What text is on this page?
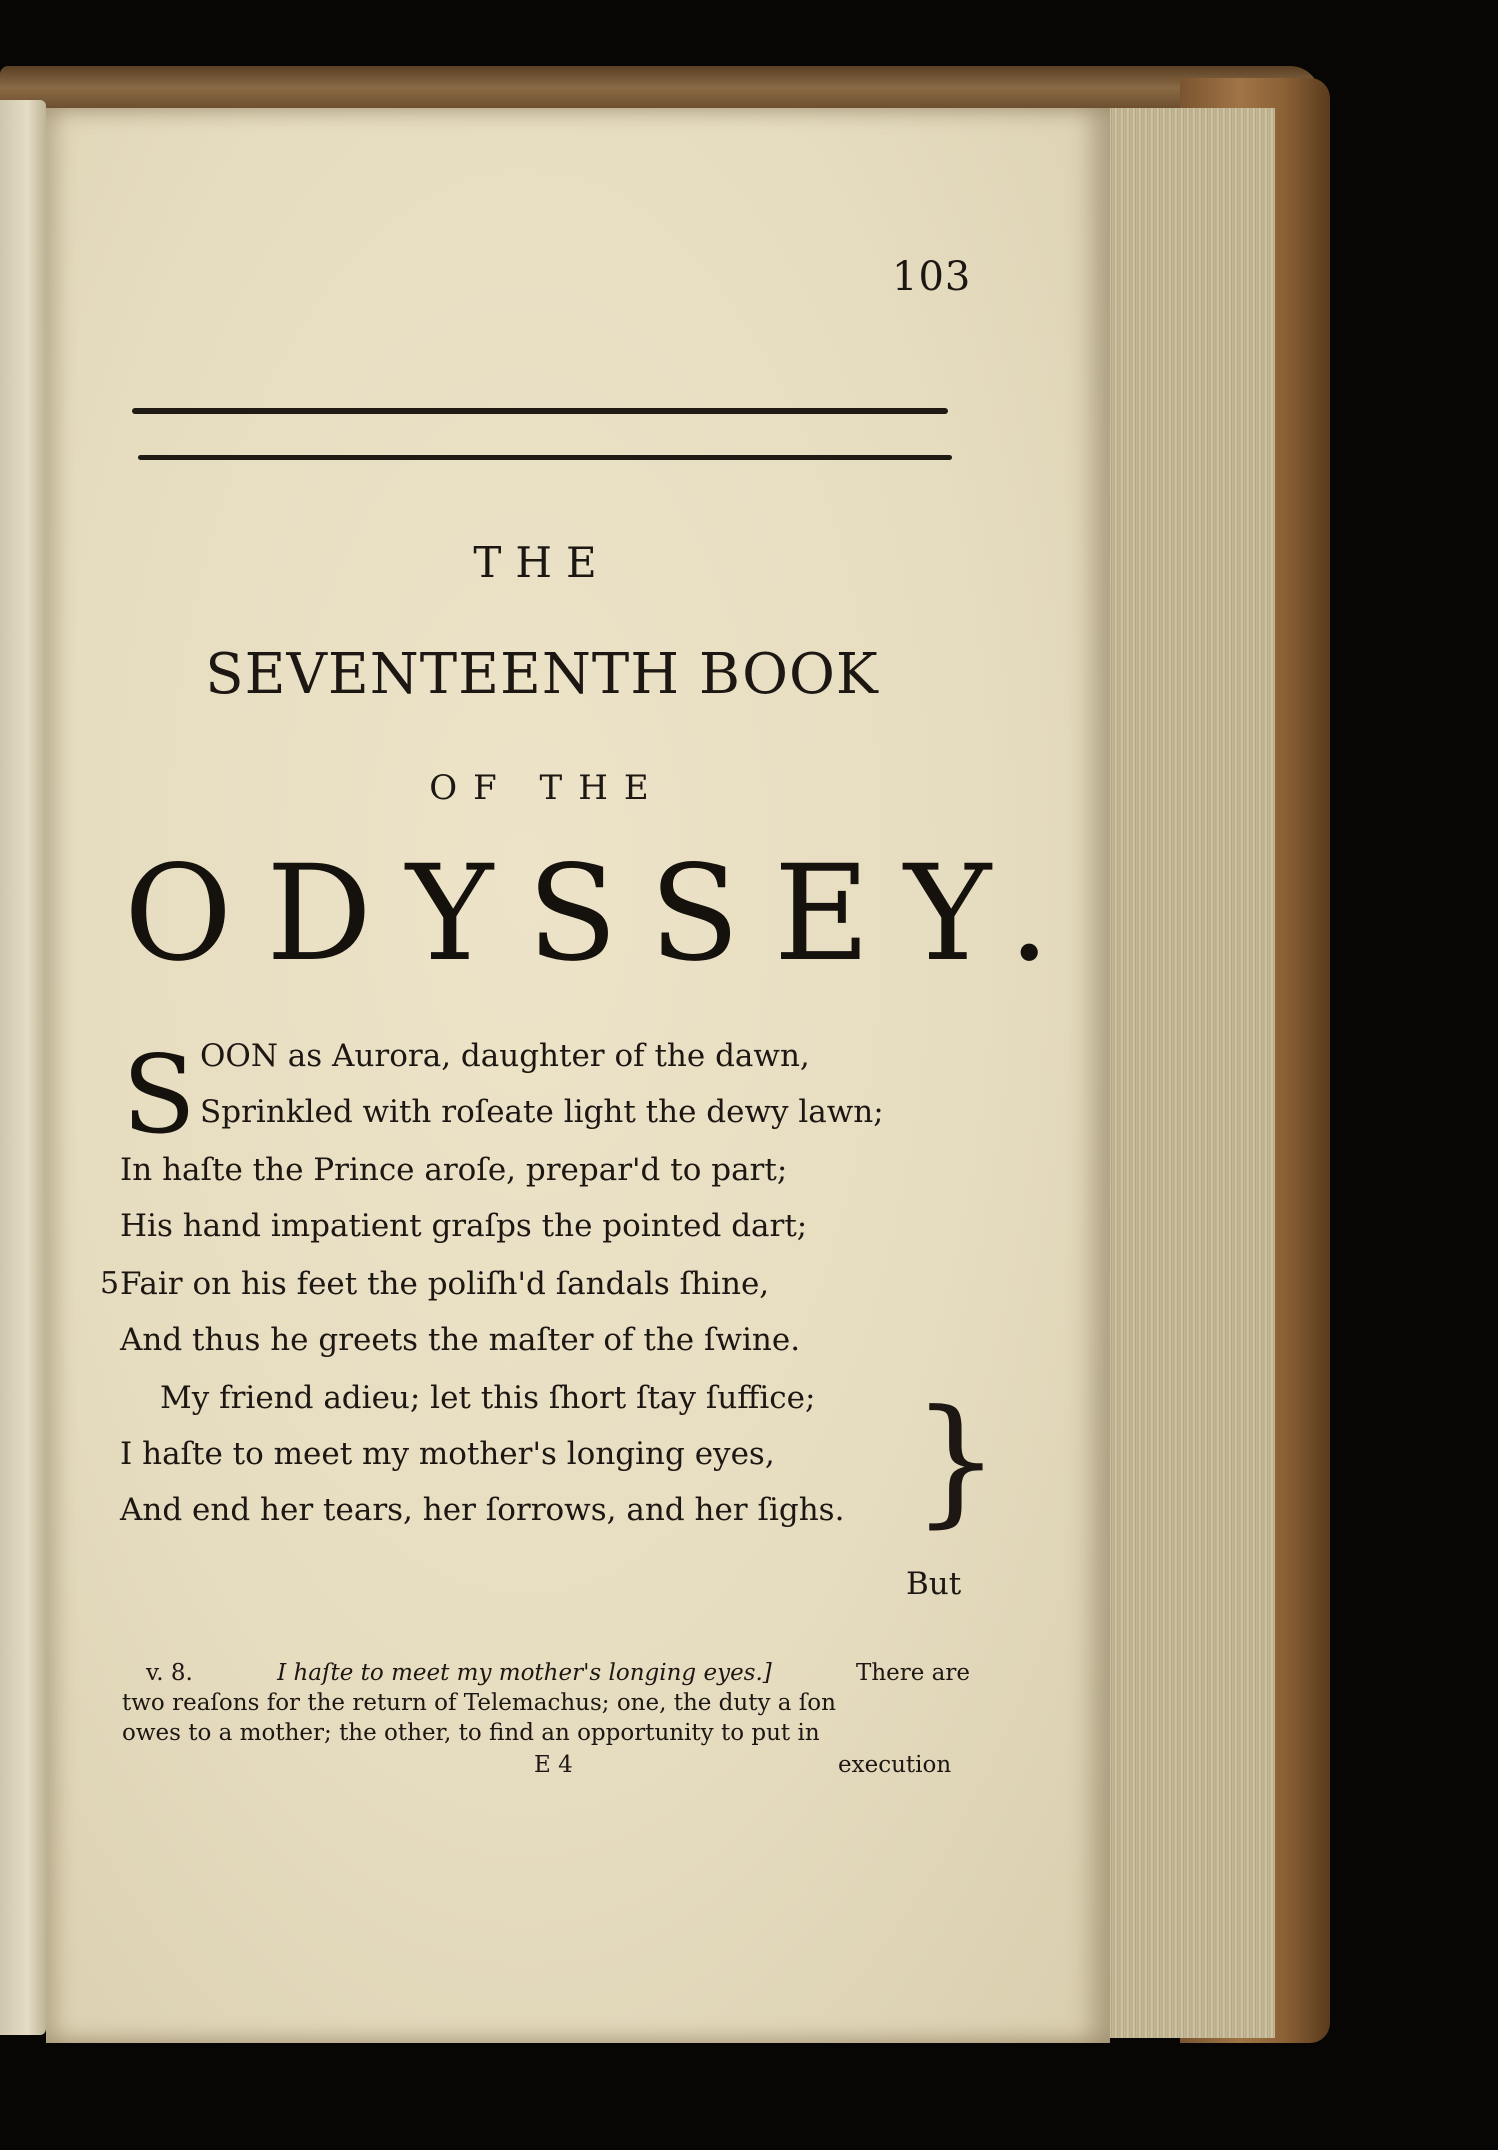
103
THE
SEVENTEENTH BOOK
OF THE
ODYSSEY.
S OON as Aurora, daughter of the dawn,
Sprinkled with roſeate light the dewy lawn;
In haſte the Prince aroſe, prepar'd to part;
His hand impatient graſps the pointed dart;
Fair on his feet the poliſh'd ſandals ſhine,
And thus he greets the maſter of the ſwine.
My friend adieu; let this ſhort ſtay ſuffice;
I haſte to meet my mother's longing eyes,
And end her tears, her ſorrows, and her ſighs.
5
}
But
v. 8.	I haſte to meet my mother's longing eyes.]	There are
two reaſons for the return of Telemachus; one, the duty a ſon
owes to a mother; the other, to find an opportunity to put in
E 4	execution
